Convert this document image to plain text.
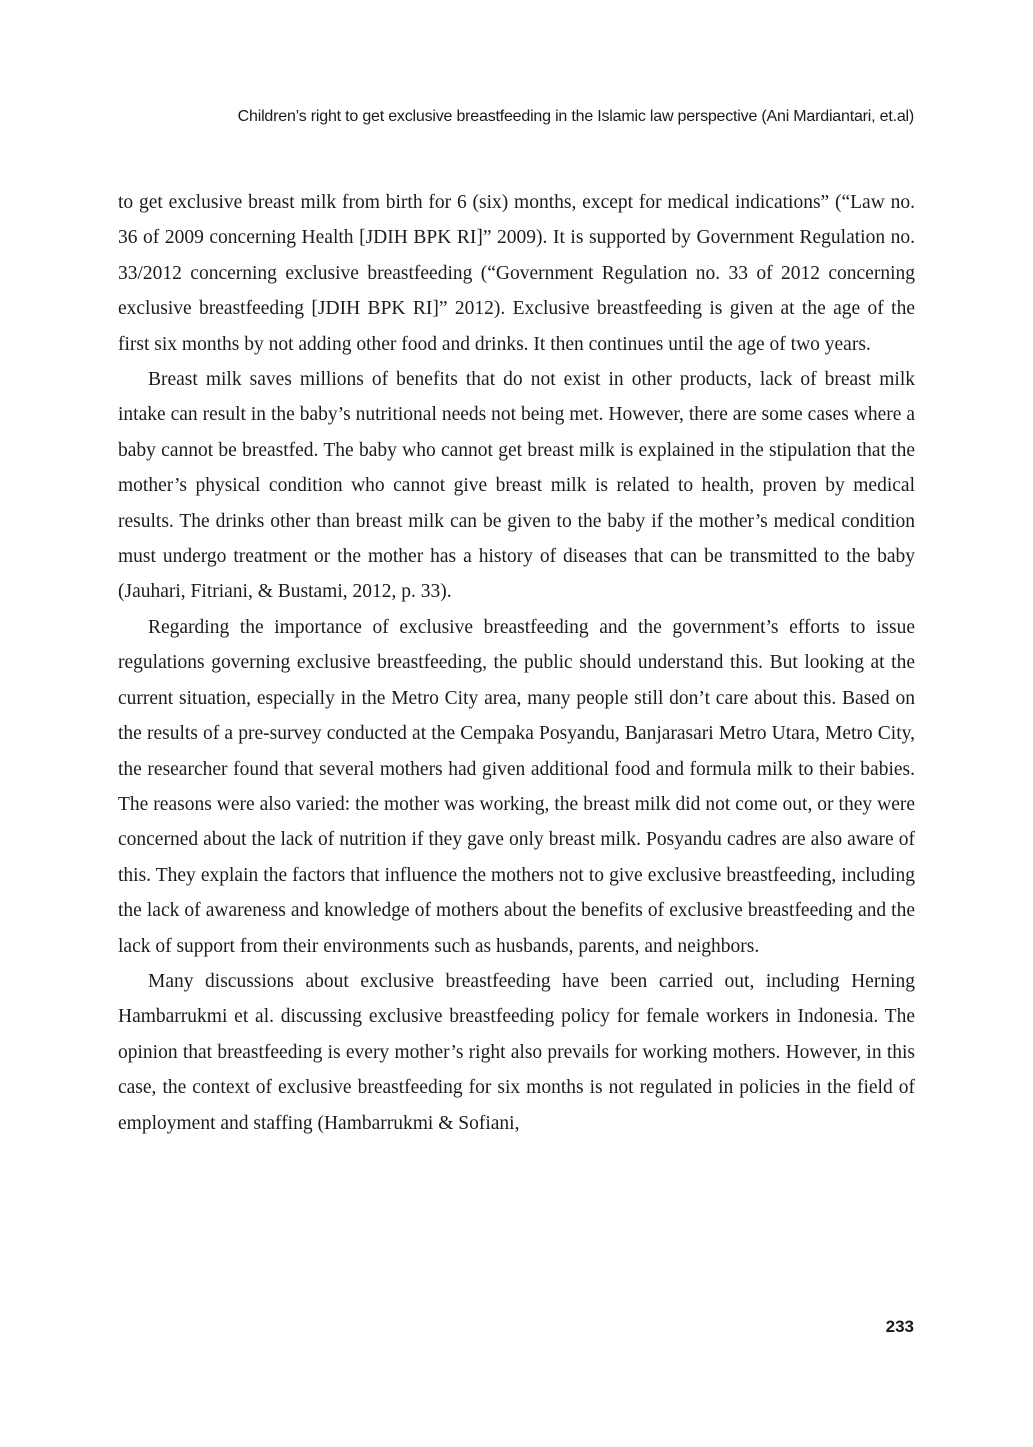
Children’s right to get exclusive breastfeeding in the Islamic law perspective (Ani Mardiantari, et.al)

to get exclusive breast milk from birth for 6 (six) months, except for medical indications” (“Law no. 36 of 2009 concerning Health [JDIH BPK RI]” 2009). It is supported by Government Regulation no. 33/2012 concerning exclusive breastfeeding (“Government Regulation no. 33 of 2012 concerning exclusive breastfeeding [JDIH BPK RI]” 2012). Exclusive breastfeeding is given at the age of the first six months by not adding other food and drinks. It then continues until the age of two years.

Breast milk saves millions of benefits that do not exist in other products, lack of breast milk intake can result in the baby’s nutritional needs not being met. However, there are some cases where a baby cannot be breastfed. The baby who cannot get breast milk is explained in the stipulation that the mother’s physical condition who cannot give breast milk is related to health, proven by medical results. The drinks other than breast milk can be given to the baby if the mother’s medical condition must undergo treatment or the mother has a history of diseases that can be transmitted to the baby (Jauhari, Fitriani, & Bustami, 2012, p. 33).

Regarding the importance of exclusive breastfeeding and the government’s efforts to issue regulations governing exclusive breastfeeding, the public should understand this. But looking at the current situation, especially in the Metro City area, many people still don’t care about this. Based on the results of a pre-survey conducted at the Cempaka Posyandu, Banjarasari Metro Utara, Metro City, the researcher found that several mothers had given additional food and formula milk to their babies. The reasons were also varied: the mother was working, the breast milk did not come out, or they were concerned about the lack of nutrition if they gave only breast milk. Posyandu cadres are also aware of this. They explain the factors that influence the mothers not to give exclusive breastfeeding, including the lack of awareness and knowledge of mothers about the benefits of exclusive breastfeeding and the lack of support from their environments such as husbands, parents, and neighbors.

Many discussions about exclusive breastfeeding have been carried out, including Herning Hambarrukmi et al. discussing exclusive breastfeeding policy for female workers in Indonesia. The opinion that breastfeeding is every mother’s right also prevails for working mothers. However, in this case, the context of exclusive breastfeeding for six months is not regulated in policies in the field of employment and staffing (Hambarrukmi & Sofiani,

233
